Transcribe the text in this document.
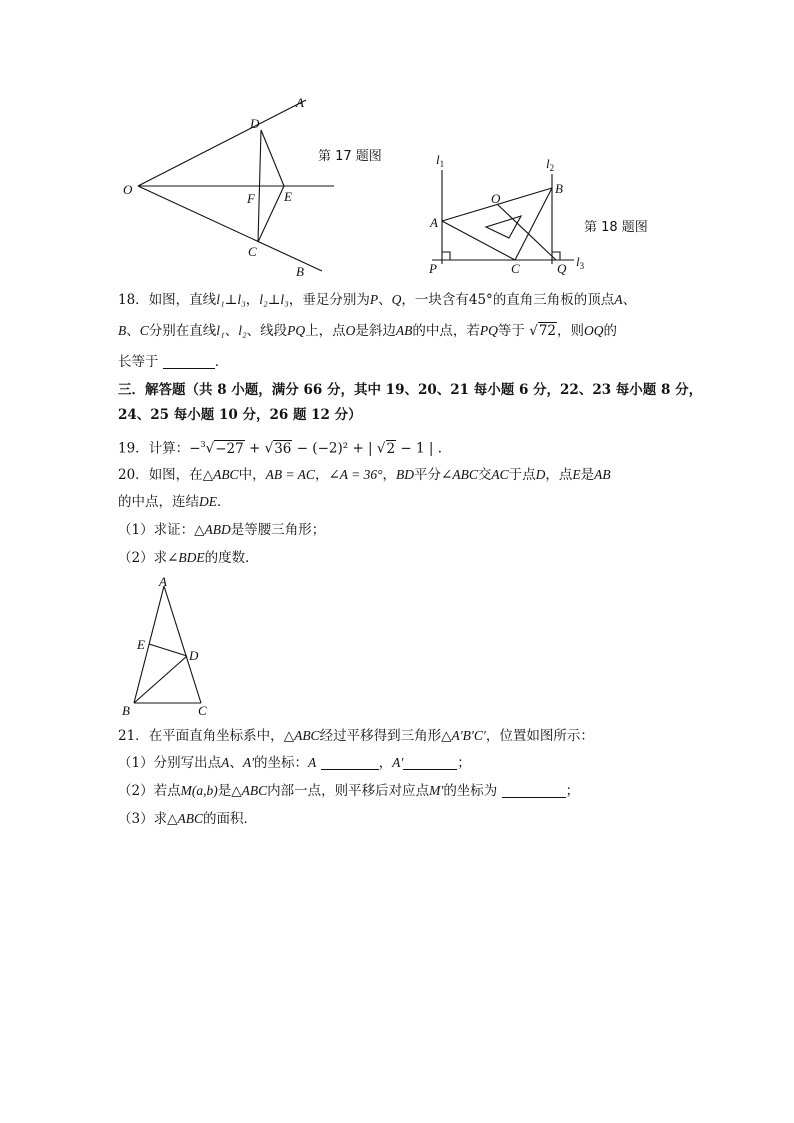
A
B
O
D
C
F E
第 17 题图	$l_1$	$l_2$
$l_3$
A
B
O
P	C	Q
第 18 题图
18．如图，直线l₁⊥l₃，l₂⊥l₃，垂足分别为P、Q，一块含有45°的直角三角板的顶点A、
B、C分别在直线l₁、l₂、线段PQ上，点O是斜边AB的中点，若PQ等于 √72，则OQ的
长等于	．
三．解答题（共 8 小题，满分 66 分，其中 19、20、21 每小题 6 分，22、23 每小题 8 分，
24、25 每小题 10 分，26 题 12 分）
19．计算：−$^3$√−27 + √36 − (−2)² + | √2 − 1 | ．
20．如图，在△ABC中，AB = AC，∠A = 36°，BD平分∠ABC交AC于点D，点E是AB
的中点，连结DE．
（1）求证：△ABD是等腰三角形；
（2）求∠BDE的度数．
A
E
D
B	C
21．在平面直角坐标系中，△ABC经过平移得到三角形△A′B′C′，位置如图所示：
（1）分别写出点A、A′的坐标：A	，A′	；
（2）若点M(a,b)是△ABC内部一点，则平移后对应点M′的坐标为	；
（3）求△ABC的面积．
